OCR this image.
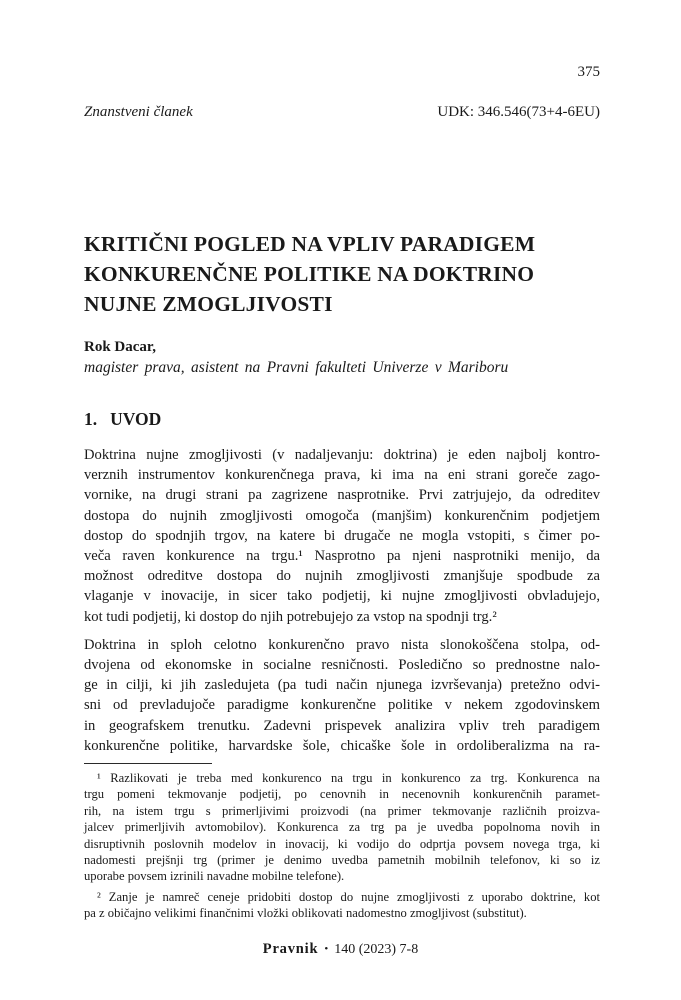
375
Znanstveni članek	UDK: 346.546(73+4-6EU)
KRITIČNI POGLED NA VPLIV PARADIGEM
KONKURENČNE POLITIKE NA DOKTRINO
NUJNE ZMOGLJIVOSTI
Rok Dacar,
magister prava, asistent na Pravni fakulteti Univerze v Mariboru
1. UVOD
Doktrina nujne zmogljivosti (v nadaljevanju: doktrina) je eden najbolj kontro-
verznih instrumentov konkurenčnega prava, ki ima na eni strani goreče zago-
vornike, na drugi strani pa zagrizene nasprotnike. Prvi zatrjujejo, da odreditev
dostopa do nujnih zmogljivosti omogoča (manjšim) konkurenčnim podjetjem
dostop do spodnjih trgov, na katere bi drugače ne mogla vstopiti, s čimer po-
veča raven konkurence na trgu.¹ Nasprotno pa njeni nasprotniki menijo, da
možnost odreditve dostopa do nujnih zmogljivosti zmanjšuje spodbude za
vlaganje v inovacije, in sicer tako podjetij, ki nujne zmogljivosti obvladujejo,
kot tudi podjetij, ki dostop do njih potrebujejo za vstop na spodnji trg.²
Doktrina in sploh celotno konkurenčno pravo nista slonokoščena stolpa, od-
dvojena od ekonomske in socialne resničnosti. Posledično so prednostne nalo-
ge in cilji, ki jih zasledujeta (pa tudi način njunega izvrševanja) pretežno odvi-
sni od prevladujoče paradigme konkurenčne politike v nekem zgodovinskem
in geografskem trenutku. Zadevni prispevek analizira vpliv treh paradigem
konkurenčne politike, harvardske šole, chicaške šole in ordoliberalizma na ra-
¹ Razlikovati je treba med konkurenco na trgu in konkurenco za trg. Konkurenca na
trgu pomeni tekmovanje podjetij, po cenovnih in necenovnih konkurenčnih paramet-
rih, na istem trgu s primerljivimi proizvodi (na primer tekmovanje različnih proizva-
jalcev primerljivih avtomobilov). Konkurenca za trg pa je uvedba popolnoma novih in
disruptivnih poslovnih modelov in inovacij, ki vodijo do odprtja povsem novega trga, ki
nadomesti prejšnji trg (primer je denimo uvedba pametnih mobilnih telefonov, ki so iz
uporabe povsem izrinili navadne mobilne telefone).
² Zanje je namreč ceneje pridobiti dostop do nujne zmogljivosti z uporabo doktrine, kot
pa z običajno velikimi finančnimi vložki oblikovati nadomestno zmogljivost (substitut).
Pravnik • 140 (2023) 7-8
